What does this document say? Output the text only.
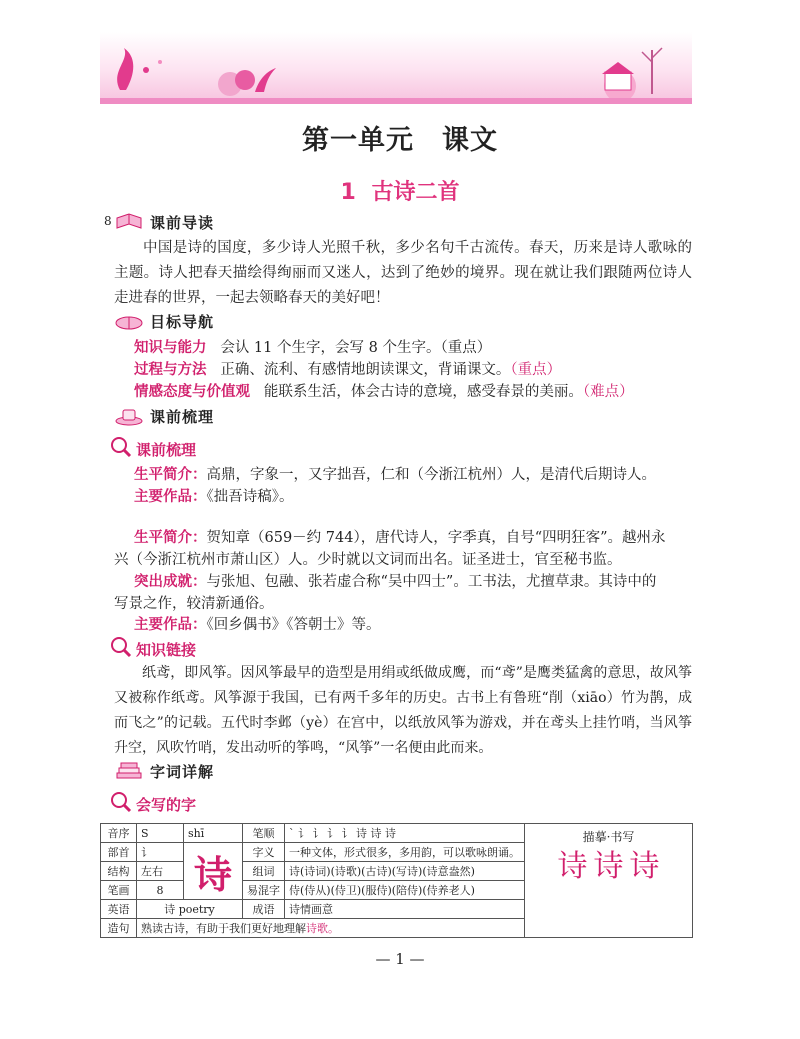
第一单元　课文
1 古诗二首
8	课前导读
中国是诗的国度，多少诗人光照千秋，多少名句千古流传。春天，历来是诗人歌咏的主题。诗人把春天描绘得绚丽而又迷人，达到了绝妙的境界。现在就让我们跟随两位诗人走进春的世界，一起去领略春天的美好吧！
目标导航
知识与能力 会认 11 个生字，会写 8 个生字。（重点）
过程与方法 正确、流利、有感情地朗读课文，背诵课文。（重点）
情感态度与价值观 能联系生活，体会古诗的意境，感受春景的美丽。（难点）
课前梳理
课前梳理
生平简介：高鼎，字象一，又字拙吾，仁和（今浙江杭州）人，是清代后期诗人。
主要作品：《拙吾诗稿》。
生平简介：贺知章（659－约 744），唐代诗人，字季真，自号“四明狂客”。越州永
兴（今浙江杭州市萧山区）人。少时就以文词而出名。证圣进士，官至秘书监。
突出成就：与张旭、包融、张若虚合称“吴中四士”。工书法，尤擅草隶。其诗中的
写景之作，较清新通俗。
主要作品：《回乡偶书》《答朝士》等。
知识链接
纸鸢，即风筝。因风筝最早的造型是用绢或纸做成鹰，而“鸢”是鹰类猛禽的意思，故风筝又被称作纸鸢。风筝源于我国，已有两千多年的历史。古书上有鲁班“削（xiāo）竹为鹊，成而飞之”的记载。五代时李邺（yè）在宫中，以纸放风筝为游戏，并在鸢头上挂竹哨，当风筝升空，风吹竹哨，发出动听的筝鸣，“风筝”一名便由此而来。
字词详解
会写的字
音序	S	shī	笔顺	ˋ 讠 讠 讠 讠 诗 诗 诗	描摹·书写
诗 诗 诗

部首	讠	诗	字义	一种文体，形式很多，多用韵，可以歌咏朗诵。	
结构	左右		组词	诗(诗词)(诗歌)(古诗)(写诗)(诗意盎然)	
笔画	8		易混字	侍(侍从)(侍卫)(服侍)(陪侍)(侍养老人)	
英语	诗 poetry		成语	诗情画意	
造句	熟读古诗，有助于我们更好地理解诗歌。				
— 1 —
